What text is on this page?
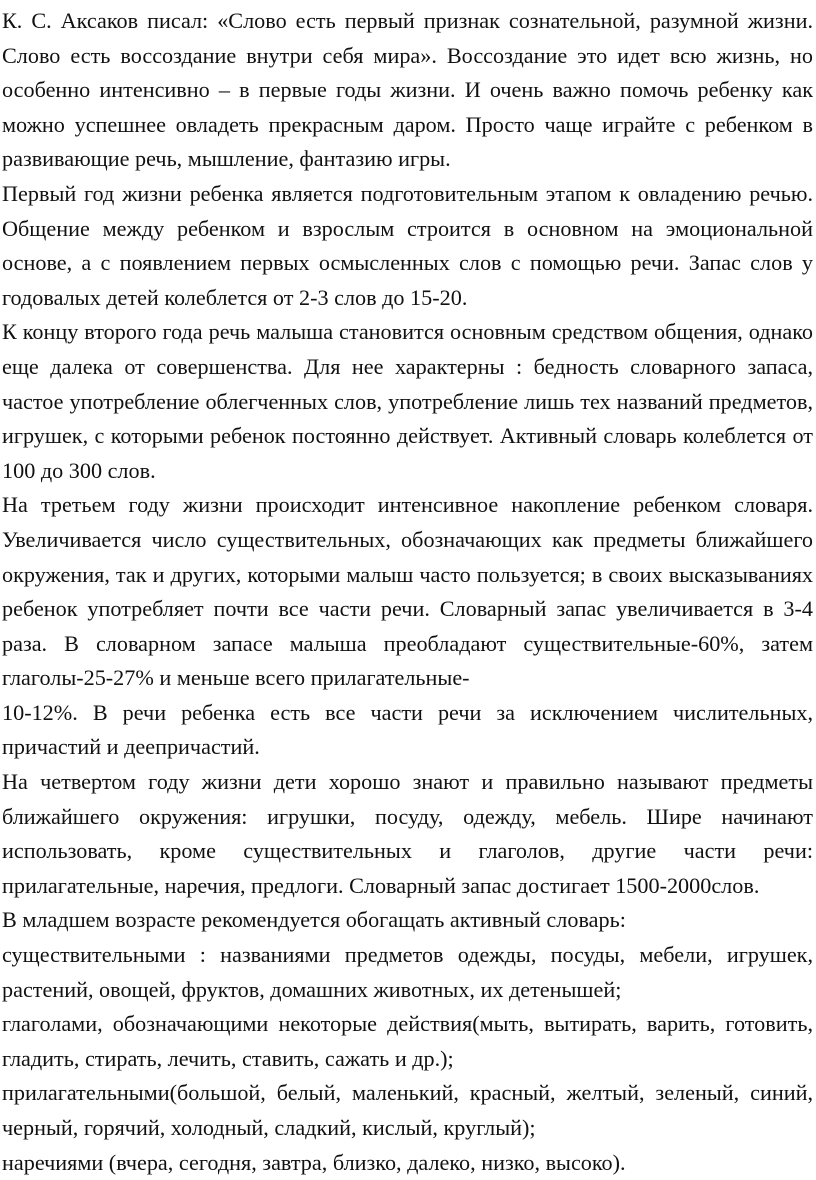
К. С. Аксаков писал: «Слово есть первый признак сознательной, разумной жизни. Слово есть воссоздание внутри себя мира». Воссоздание это идет всю жизнь, но особенно интенсивно – в первые годы жизни. И очень важно помочь ребенку как можно успешнее овладеть прекрасным даром. Просто чаще играйте с ребенком в развивающие речь, мышление, фантазию игры.

Первый год жизни ребенка является подготовительным этапом к овладению речью. Общение между ребенком и взрослым строится в основном на эмоциональной основе, а с появлением первых осмысленных слов с помощью речи. Запас слов у годовалых детей колеблется от 2-3 слов до 15-20.

К концу второго года речь малыша становится основным средством общения, однако еще далека от совершенства. Для нее характерны : бедность словарного запаса, частое употребление облегченных слов, употребление лишь тех названий предметов, игрушек, с которыми ребенок постоянно действует. Активный словарь колеблется от 100 до 300 слов.

На третьем году жизни происходит интенсивное накопление ребенком словаря. Увеличивается число существительных, обозначающих как предметы ближайшего окружения, так и других, которыми малыш часто пользуется; в своих высказываниях ребенок употребляет почти все части речи. Словарный запас увеличивается в 3-4 раза. В словарном запасе малыша преобладают существительные-60%, затем глаголы-25-27% и меньше всего прилагательные-

10-12%. В речи ребенка есть все части речи за исключением числительных, причастий и деепричастий.

На четвертом году жизни дети хорошо знают и правильно называют предметы ближайшего окружения: игрушки, посуду, одежду, мебель. Шире начинают использовать, кроме существительных и глаголов, другие части речи: прилагательные, наречия, предлоги. Словарный запас достигает 1500-2000слов.

В младшем возрасте рекомендуется обогащать активный словарь:

существительными : названиями предметов одежды, посуды, мебели, игрушек, растений, овощей, фруктов, домашних животных, их детенышей;

глаголами, обозначающими некоторые действия(мыть, вытирать, варить, готовить, гладить, стирать, лечить, ставить, сажать и др.);

прилагательными(большой, белый, маленький, красный, желтый, зеленый, синий, черный, горячий, холодный, сладкий, кислый, круглый);

наречиями (вчера, сегодня, завтра, близко, далеко, низко, высоко).
